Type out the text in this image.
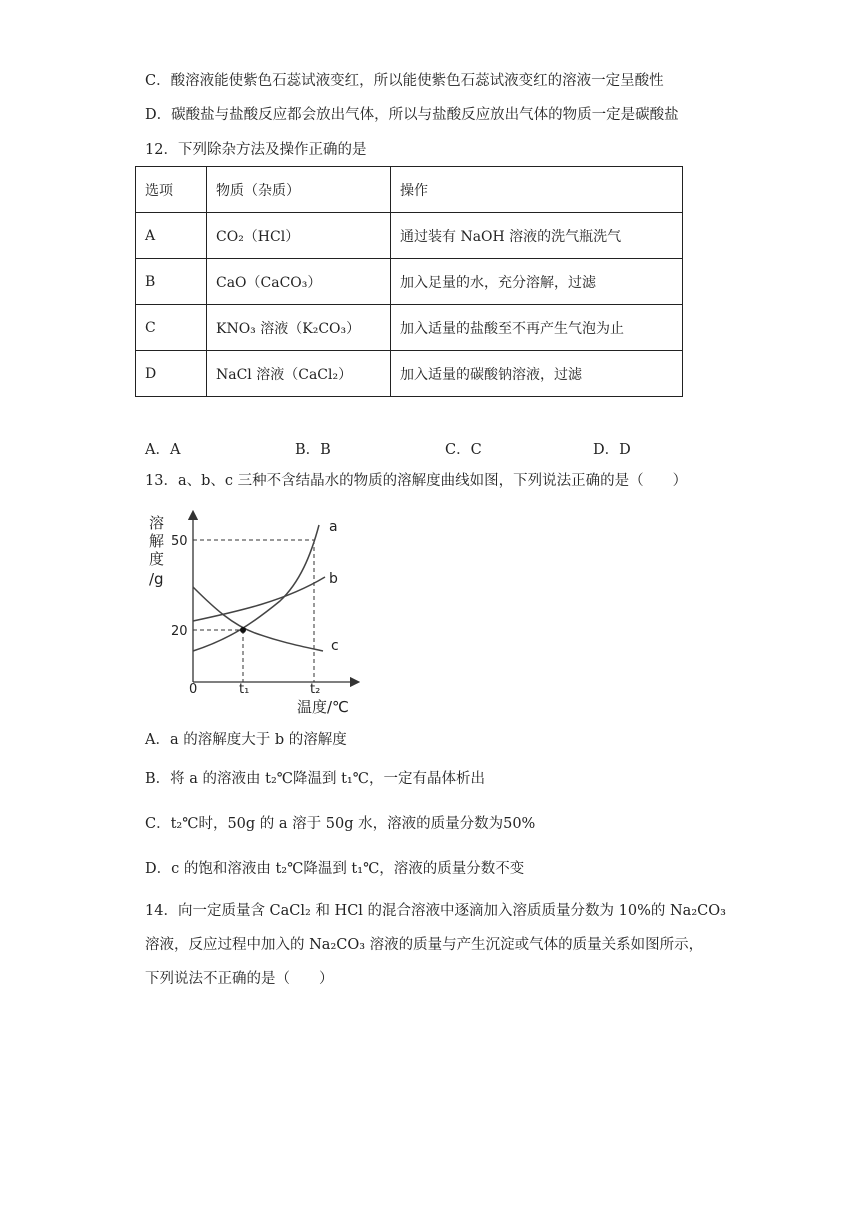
C．酸溶液能使紫色石蕊试液变红，所以能使紫色石蕊试液变红的溶液一定呈酸性
D．碳酸盐与盐酸反应都会放出气体，所以与盐酸反应放出气体的物质一定是碳酸盐
12．下列除杂方法及操作正确的是
选项	物质（杂质）	操作
A	CO₂（HCl）	通过装有 NaOH 溶液的洗气瓶洗气
B	CaO（CaCO₃）	加入足量的水，充分溶解，过滤
C	KNO₃ 溶液（K₂CO₃）	加入适量的盐酸至不再产生气泡为止
D	NaCl 溶液（CaCl₂）	加入适量的碳酸钠溶液，过滤
A．A	B．B	C．C	D．D
13．a、b、c 三种不含结晶水的物质的溶解度曲线如图，下列说法正确的是（　　）
溶
解
度
/g
50
20
0	t₁	t₂
温度/℃
a
b
c
A．a 的溶解度大于 b 的溶解度
B．将 a 的溶液由 t₂℃降温到 t₁℃，一定有晶体析出
C．t₂℃时，50g 的 a 溶于 50g 水，溶液的质量分数为50%
D．c 的饱和溶液由 t₂℃降温到 t₁℃，溶液的质量分数不变
14．向一定质量含 CaCl₂ 和 HCl 的混合溶液中逐滴加入溶质质量分数为 10%的 Na₂CO₃
溶液，反应过程中加入的 Na₂CO₃ 溶液的质量与产生沉淀或气体的质量关系如图所示，
下列说法不正确的是（　　）
